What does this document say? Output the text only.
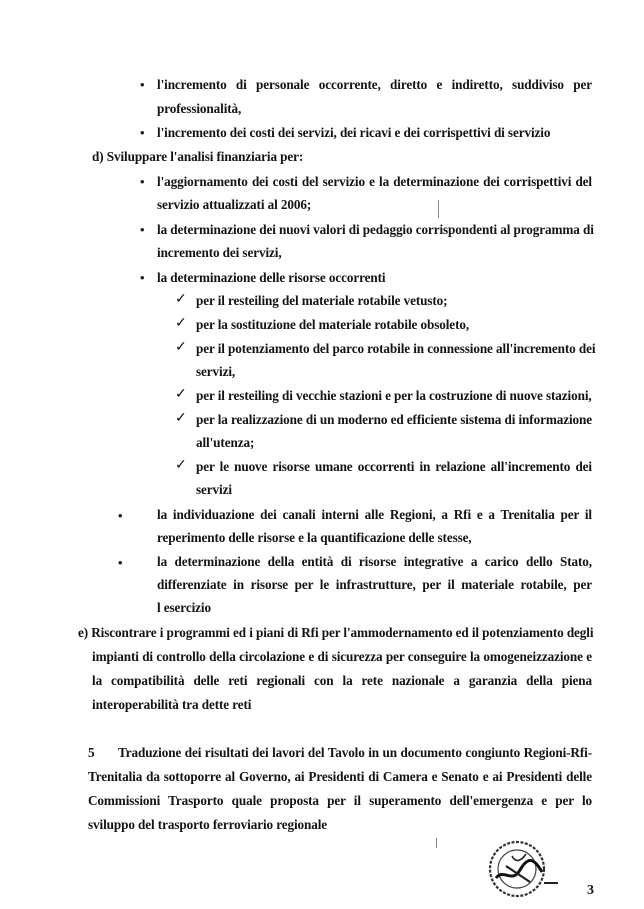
• l'incremento di personale occorrente, diretto e indiretto, suddiviso per
professionalità,
• l'incremento dei costi dei servizi, dei ricavi e dei corrispettivi di servizio
d) Sviluppare l'analisi finanziaria per:
• l'aggiornamento dei costi del servizio e la determinazione dei corrispettivi del
servizio attualizzati al 2006;
• la determinazione dei nuovi valori di pedaggio corrispondenti al programma di
incremento dei servizi,
• la determinazione delle risorse occorrenti
✓ per il resteiling del materiale rotabile vetusto;
✓ per la sostituzione del materiale rotabile obsoleto,
✓ per il potenziamento del parco rotabile in connessione all'incremento dei
servizi,
✓ per il resteiling di vecchie stazioni e per la costruzione di nuove stazioni,
✓ per la realizzazione di un moderno ed efficiente sistema di informazione
all'utenza;
✓ per le nuove risorse umane occorrenti in relazione all'incremento dei
servizi
•	la individuazione dei canali interni alle Regioni, a Rfi e a Trenitalia per il
reperimento delle risorse e la quantificazione delle stesse,
•	la determinazione della entità di risorse integrative a carico dello Stato,
differenziate in risorse per le infrastrutture, per il materiale rotabile, per
l esercizio
e) Riscontrare i programmi ed i piani di Rfi per l'ammodernamento ed il potenziamento degli
impianti di controllo della circolazione e di sicurezza per conseguire la omogeneizzazione e
la compatibilità delle reti regionali con la rete nazionale a garanzia della piena
interoperabilità tra dette reti
5 Traduzione dei risultati dei lavori del Tavolo in un documento congiunto Regioni-Rfi-
Trenitalia da sottoporre al Governo, ai Presidenti di Camera e Senato e ai Presidenti delle
Commissioni Trasporto quale proposta per il superamento dell'emergenza e per lo
sviluppo del trasporto ferroviario regionale
3
